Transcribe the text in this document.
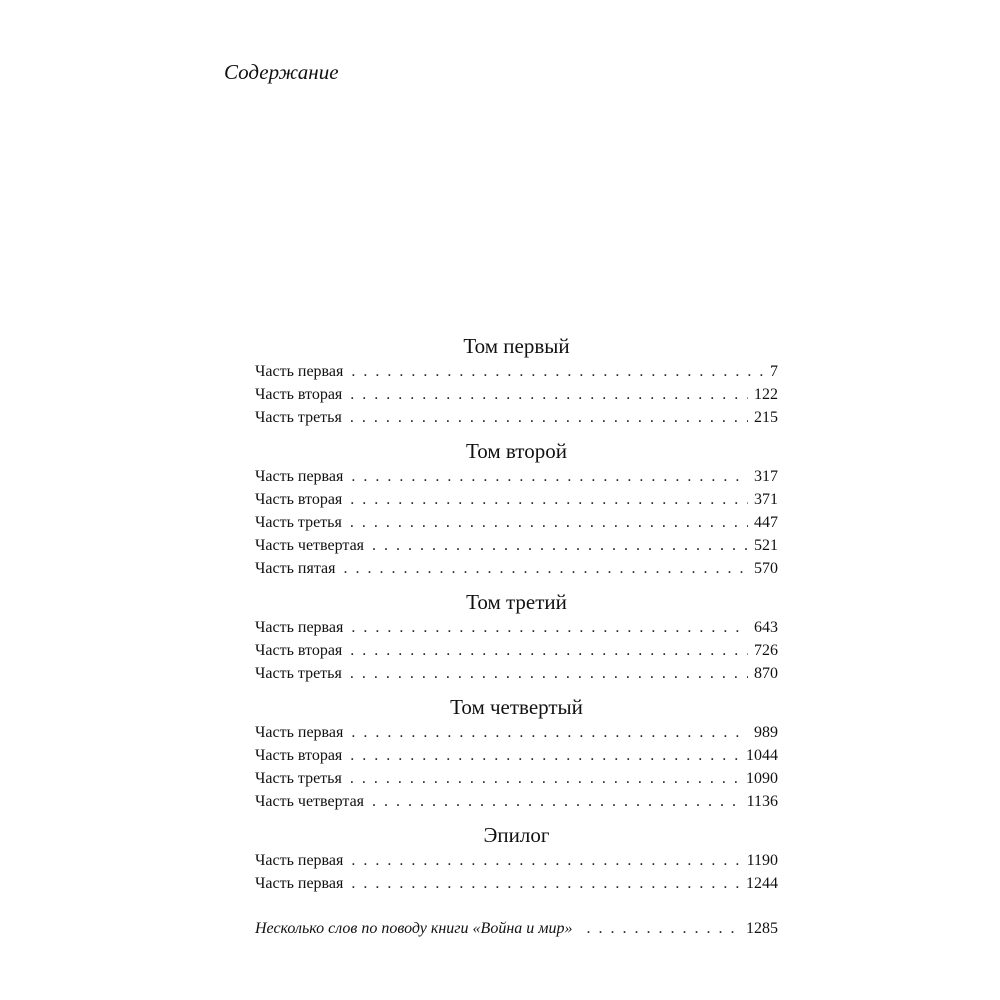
Содержание
Том первый
Часть первая . . .	7
Часть вторая . . .	122
Часть третья . . .	215
Том второй
Часть первая . . .	317
Часть вторая . . .	371
Часть третья . . .	447
Часть четвертая . . .	521
Часть пятая . . .	570
Том третий
Часть первая . . .	643
Часть вторая . . .	726
Часть третья . . .	870
Том четвертый
Часть первая . . .	989
Часть вторая . . .	1044
Часть третья . . .	1090
Часть четвертая . . .	1136
Эпилог
Часть первая . . .	1190
Часть первая . . .	1244
Несколько слов по поводу книги «Война и мир» . . .	1285
